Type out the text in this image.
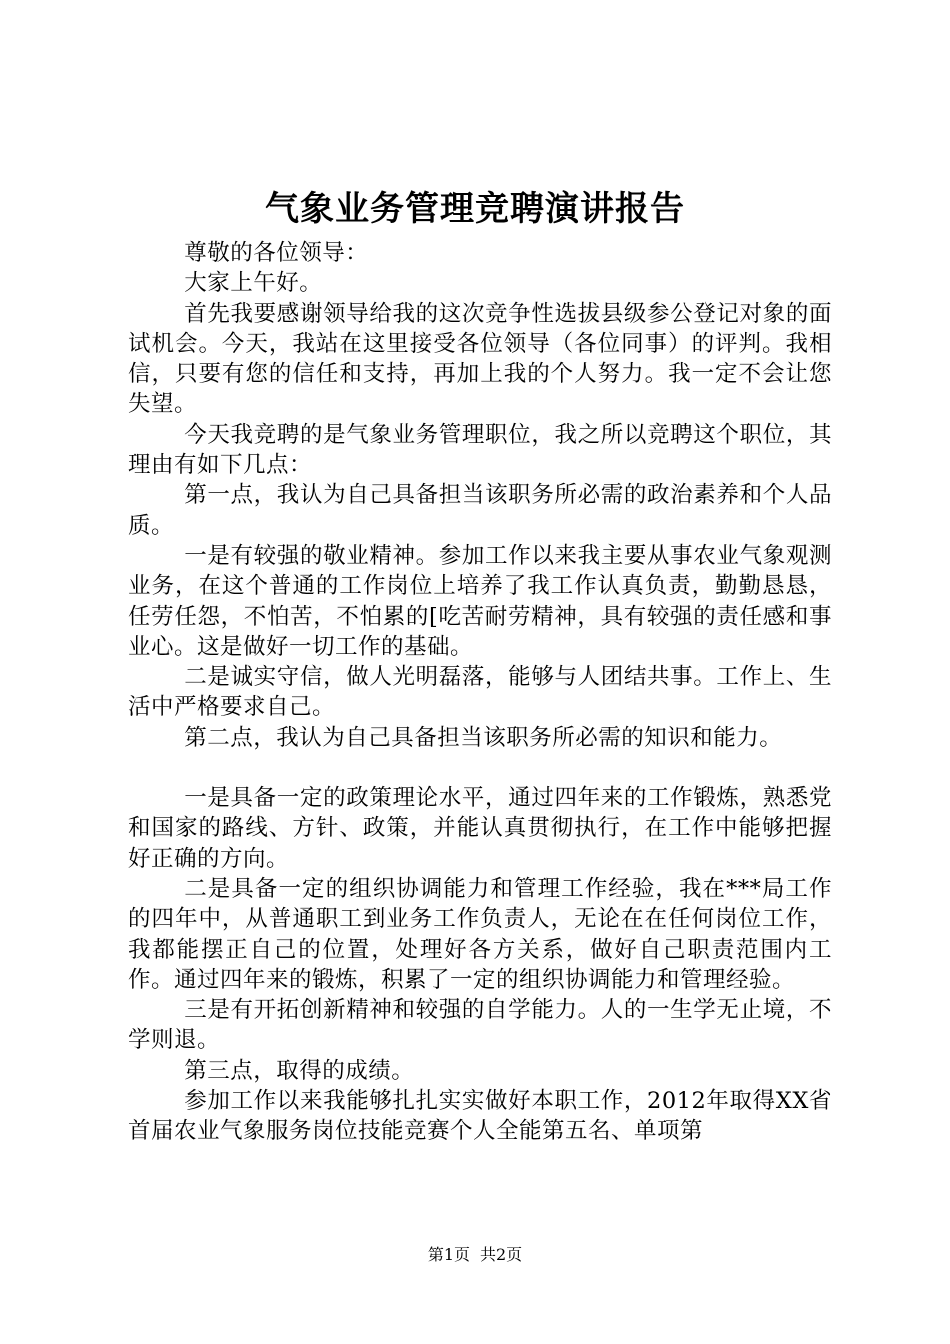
气象业务管理竞聘演讲报告

尊敬的各位领导：

大家上午好。

首先我要感谢领导给我的这次竞争性选拔县级参公登记对象的面试机会。今天，我站在这里接受各位领导（各位同事）的评判。我相信，只要有您的信任和支持，再加上我的个人努力。我一定不会让您失望。

今天我竞聘的是气象业务管理职位，我之所以竞聘这个职位，其理由有如下几点：

第一点，我认为自己具备担当该职务所必需的政治素养和个人品质。

一是有较强的敬业精神。参加工作以来我主要从事农业气象观测业务，在这个普通的工作岗位上培养了我工作认真负责，勤勤恳恳，任劳任怨，不怕苦，不怕累的[吃苦耐劳精神，具有较强的责任感和事业心。这是做好一切工作的基础。

二是诚实守信，做人光明磊落，能够与人团结共事。工作上、生活中严格要求自己。

第二点，我认为自己具备担当该职务所必需的知识和能力。

一是具备一定的政策理论水平，通过四年来的工作锻炼，熟悉党和国家的路线、方针、政策，并能认真贯彻执行，在工作中能够把握好正确的方向。

二是具备一定的组织协调能力和管理工作经验，我在***局工作的四年中，从普通职工到业务工作负责人，无论在在任何岗位工作，我都能摆正自己的位置，处理好各方关系，做好自己职责范围内工作。通过四年来的锻炼，积累了一定的组织协调能力和管理经验。

三是有开拓创新精神和较强的自学能力。人的一生学无止境，不学则退。

第三点，取得的成绩。

参加工作以来我能够扎扎实实做好本职工作，2012年取得XX省首届农业气象服务岗位技能竞赛个人全能第五名、单项第

第1页 共2页
